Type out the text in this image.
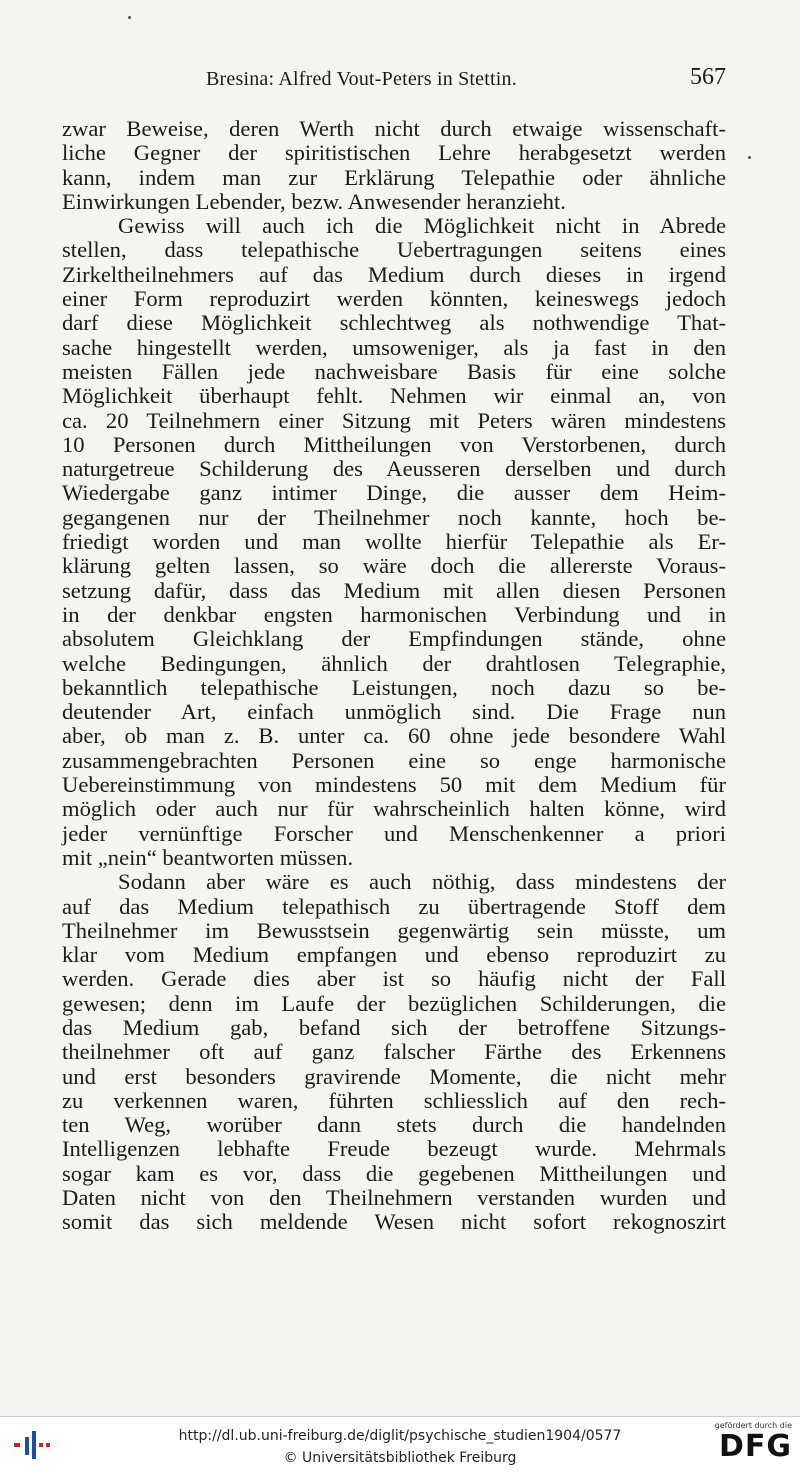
Bresina: Alfred Vout-Peters in Stettin.	567
zwar Beweise, deren Werth nicht durch etwaige wissenschaft-
liche Gegner der spiritistischen Lehre herabgesetzt werden
kann, indem man zur Erklärung Telepathie oder ähnliche
Einwirkungen Lebender, bezw. Anwesender heranzieht.
Gewiss will auch ich die Möglichkeit nicht in Abrede
stellen, dass telepathische Uebertragungen seitens eines
Zirkeltheilnehmers auf das Medium durch dieses in irgend
einer Form reproduzirt werden könnten, keineswegs jedoch
darf diese Möglichkeit schlechtweg als nothwendige That-
sache hingestellt werden, umsoweniger, als ja fast in den
meisten Fällen jede nachweisbare Basis für eine solche
Möglichkeit überhaupt fehlt. Nehmen wir einmal an, von
ca. 20 Teilnehmern einer Sitzung mit Peters wären mindestens
10 Personen durch Mittheilungen von Verstorbenen, durch
naturgetreue Schilderung des Aeusseren derselben und durch
Wiedergabe ganz intimer Dinge, die ausser dem Heim-
gegangenen nur der Theilnehmer noch kannte, hoch be-
friedigt worden und man wollte hierfür Telepathie als Er-
klärung gelten lassen, so wäre doch die allererste Voraus-
setzung dafür, dass das Medium mit allen diesen Personen
in der denkbar engsten harmonischen Verbindung und in
absolutem Gleichklang der Empfindungen stände, ohne
welche Bedingungen, ähnlich der drahtlosen Telegraphie,
bekanntlich telepathische Leistungen, noch dazu so be-
deutender Art, einfach unmöglich sind. Die Frage nun
aber, ob man z. B. unter ca. 60 ohne jede besondere Wahl
zusammengebrachten Personen eine so enge harmonische
Uebereinstimmung von mindestens 50 mit dem Medium für
möglich oder auch nur für wahrscheinlich halten könne, wird
jeder vernünftige Forscher und Menschenkenner a priori
mit „nein“ beantworten müssen.
Sodann aber wäre es auch nöthig, dass mindestens der
auf das Medium telepathisch zu übertragende Stoff dem
Theilnehmer im Bewusstsein gegenwärtig sein müsste, um
klar vom Medium empfangen und ebenso reproduzirt zu
werden. Gerade dies aber ist so häufig nicht der Fall
gewesen; denn im Laufe der bezüglichen Schilderungen, die
das Medium gab, befand sich der betroffene Sitzungs-
theilnehmer oft auf ganz falscher Färthe des Erkennens
und erst besonders gravirende Momente, die nicht mehr
zu verkennen waren, führten schliesslich auf den rech-
ten Weg, worüber dann stets durch die handelnden
Intelligenzen lebhafte Freude bezeugt wurde. Mehrmals
sogar kam es vor, dass die gegebenen Mittheilungen und
Daten nicht von den Theilnehmern verstanden wurden und
somit das sich meldende Wesen nicht sofort rekognoszirt
http://dl.ub.uni-freiburg.de/diglit/psychische_studien1904/0577
© Universitätsbibliothek Freiburg
gefördert durch die
DFG
